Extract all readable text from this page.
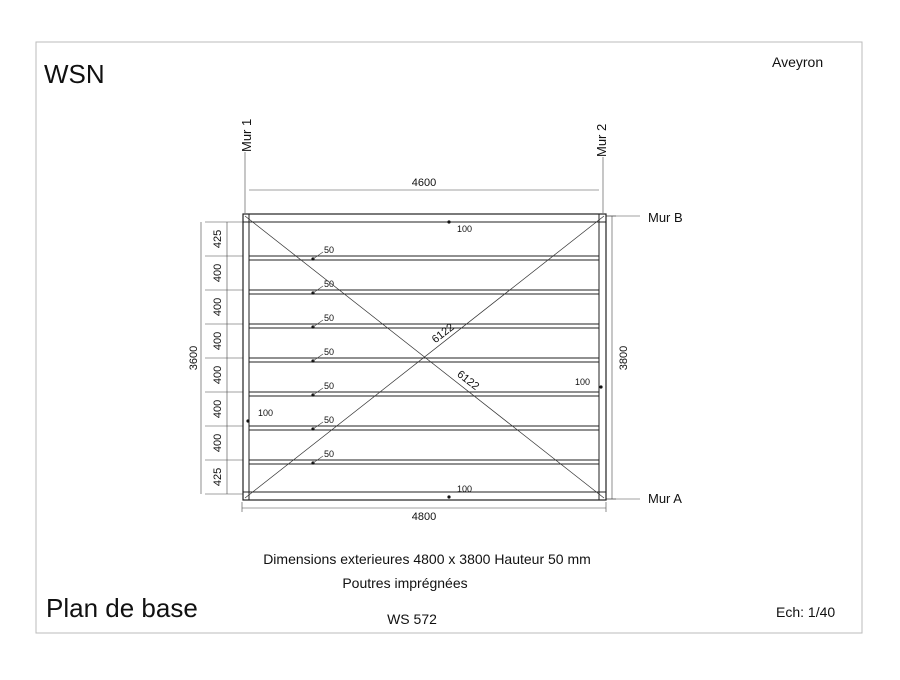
WSN	Aveyron
Mur 1	Mur 2
Mur B
Mur A
4600
4800
3600
425
400
400
400
400
400
400
425
3800
50
50
50
50
50
50
50
6122
6122
100
100
100
100
Dimensions exterieures 4800 x 3800 Hauteur 50 mm
Poutres imprégnées
Plan de base	WS 572	Ech: 1/40
